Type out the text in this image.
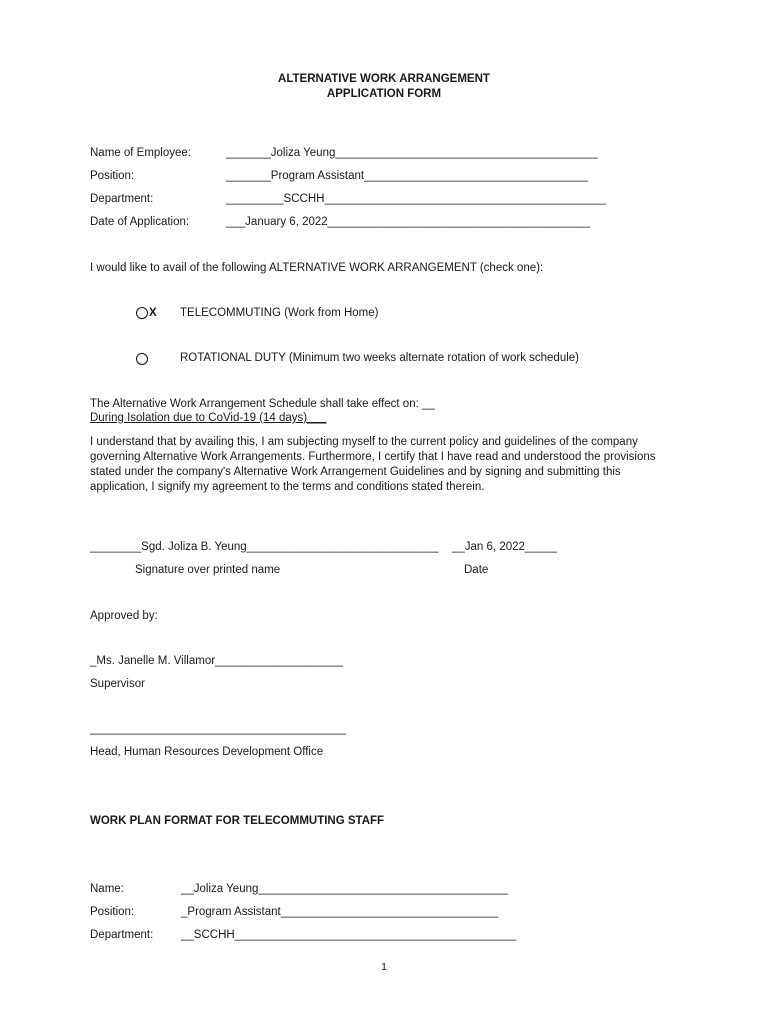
ALTERNATIVE WORK ARRANGEMENT
APPLICATION FORM
Name of Employee:	_______Joliza Yeung_________________________________________
Position:	_______Program Assistant___________________________________
Department:	_________SCCHH____________________________________________
Date of Application:	___January 6, 2022_________________________________________
I would like to avail of the following ALTERNATIVE WORK ARRANGEMENT (check one):
X TELECOMMUTING (Work from Home)
ROTATIONAL DUTY (Minimum two weeks alternate rotation of work schedule)
The Alternative Work Arrangement Schedule shall take effect on: __
During Isolation due to CoVid-19 (14 days)___
I understand that by availing this, I am subjecting myself to the current policy and guidelines of the company governing Alternative Work Arrangements. Furthermore, I certify that I have read and understood the provisions stated under the company's Alternative Work Arrangement Guidelines and by signing and submitting this application, I signify my agreement to the terms and conditions stated therein.
________Sgd. Joliza B. Yeung______________________________ __Jan 6, 2022_____
Signature over printed name	Date
Approved by:
_Ms. Janelle M. Villamor____________________
Supervisor
________________________________________
Head, Human Resources Development Office
WORK PLAN FORMAT FOR TELECOMMUTING STAFF
Name:	__Joliza Yeung_______________________________________
Position:	_Program Assistant__________________________________
Department: __SCCHH____________________________________________
1
